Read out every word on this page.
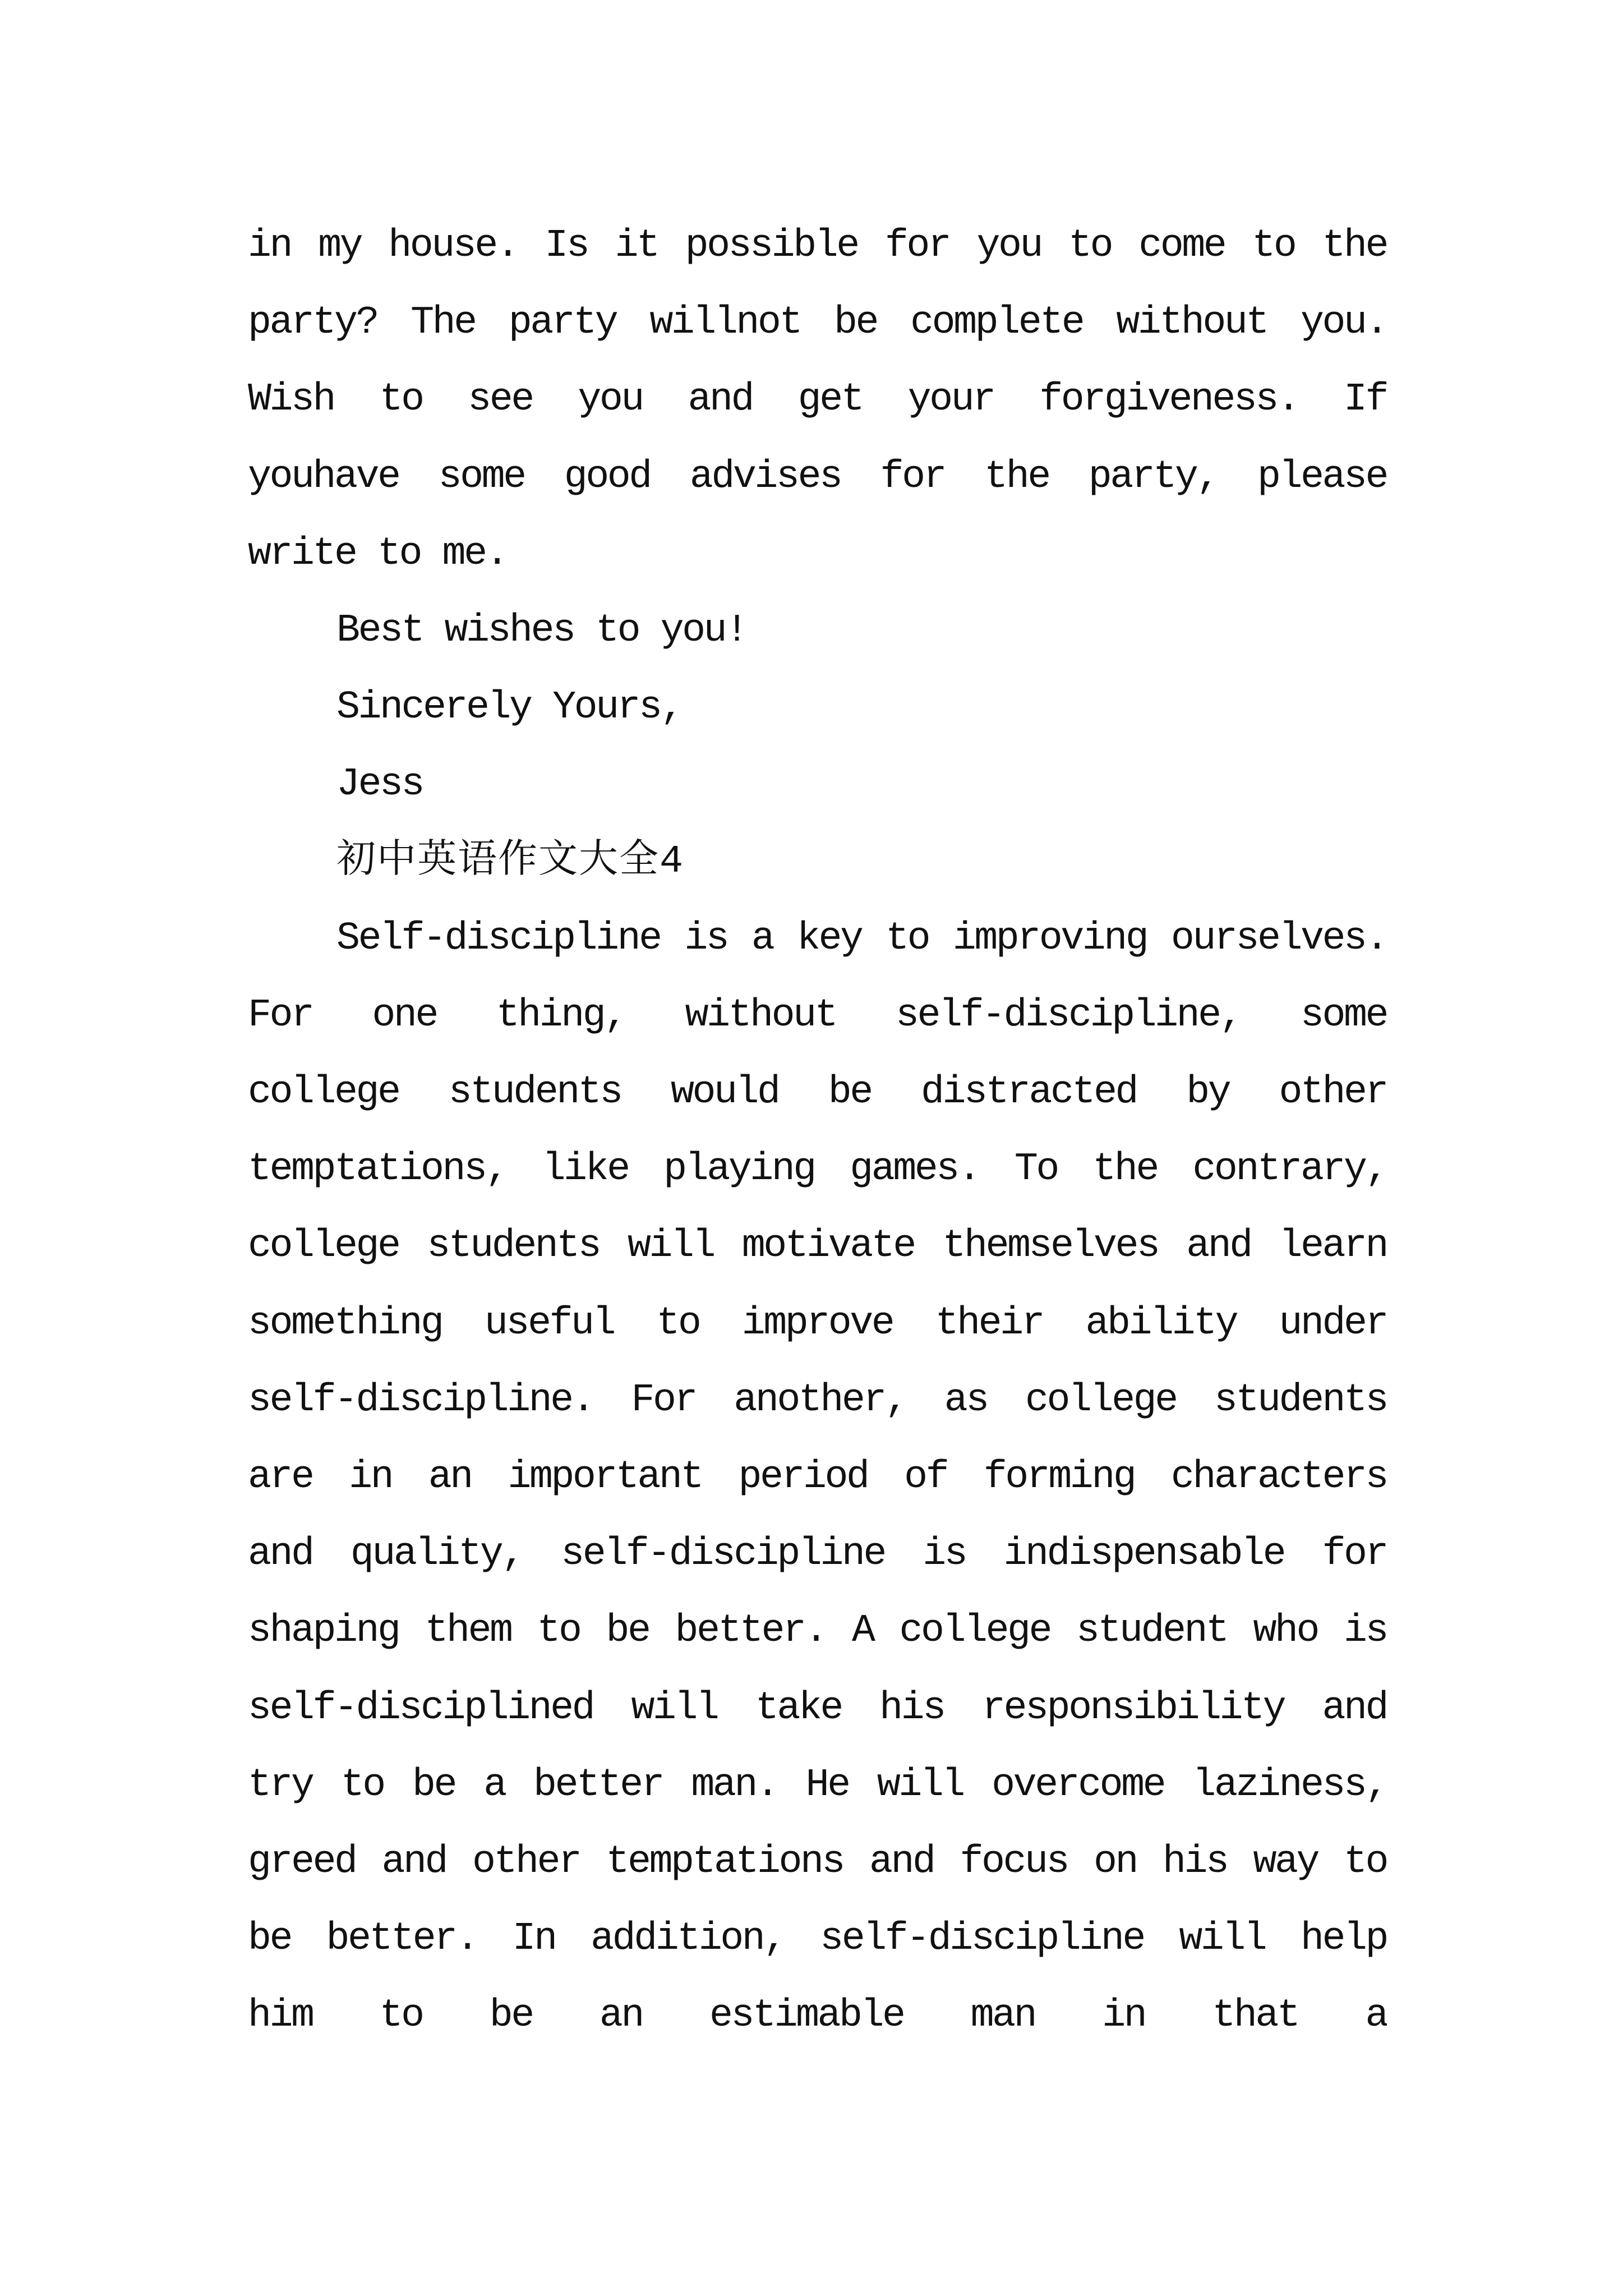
in my house. Is it possible for you to come to the
party? The party willnot be complete without you.
Wish to see you and get your forgiveness. If
youhave some good advises for the party, please
write to me.
Best wishes to you!
Sincerely Yours,
Jess
初中英语作文大全4
Self-discipline is a key to improving ourselves.
For one thing, without self-discipline, some
college students would be distracted by other
temptations, like playing games. To the contrary,
college students will motivate themselves and learn
something useful to improve their ability under
self-discipline. For another, as college students
are in an important period of forming characters
and quality, self-discipline is indispensable for
shaping them to be better. A college student who is
self-disciplined will take his responsibility and
try to be a better man. He will overcome laziness,
greed and other temptations and focus on his way to
be better. In addition, self-discipline will help
him to be an estimable man in that a
